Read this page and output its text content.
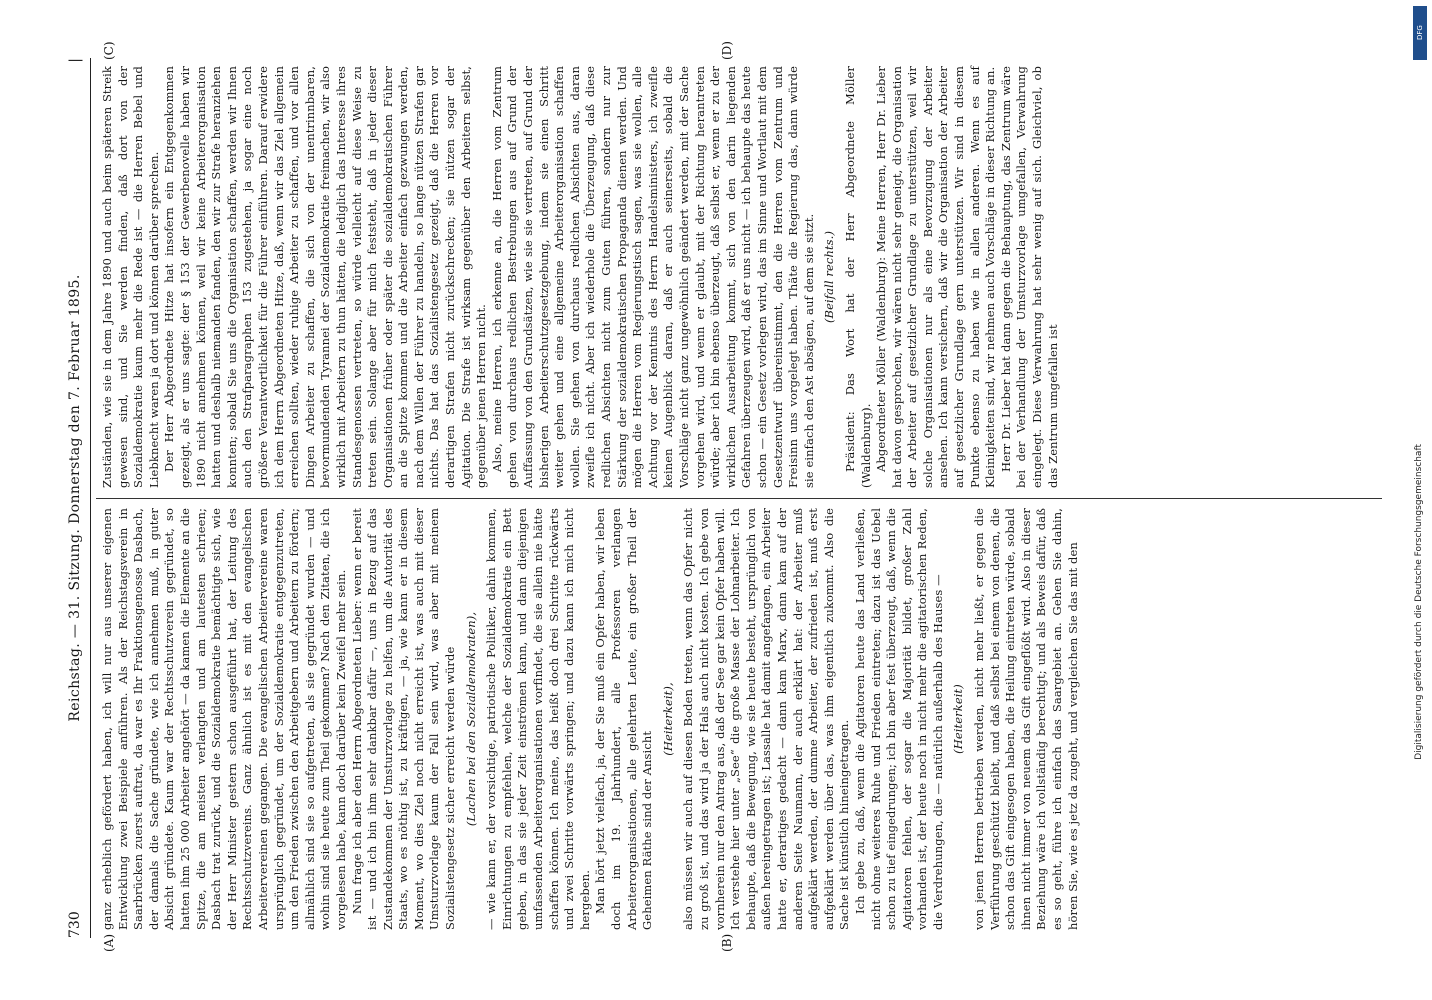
730
Reichstag. — 31. Sitzung. Donnerstag den 7. Februar 1895.
|
(A)	(B)
(C)	(D)

ganz erheblich gefördert haben, ich will nur aus unserer eigenen Entwicklung zwei Beispiele anführen. Als der Reichstagsverein in Saarbrücken zuerst auftrat, da war es Ihr Fraktionsgenosse Dasbach, der damals die Sache gründete, wie ich annehmen muß, in guter Absicht gründete. Kaum war der Rechtsschutzverein gegründet, so hatten ihm 25 000 Arbeiter angehört — da kamen die Elemente an die Spitze, die am meisten verlangten und am lautesten schrieen; Dasbach trat zurück, und die Sozialdemokratie bemächtigte sich, wie der Herr Minister gestern schon ausgeführt hat, der Leitung des Rechtsschutzvereins. Ganz ähnlich ist es mit den evangelischen Arbeitervereinen gegangen. Die evangelischen Arbeitervereine waren ursprünglich gegründet, um der Sozialdemokratie entgegenzutreten, um den Frieden zwischen den Arbeitgebern und Arbeitern zu fördern; allmählich sind sie so aufgetreten, als sie gegründet wurden — und wohin sind sie heute zum Theil gekommen? Nach den Zitaten, die ich vorgelesen habe, kann doch darüber kein Zweifel mehr sein. Nun frage ich aber den Herrn Abgeordneten Lieber: wenn er bereit ist — und ich bin ihm sehr dankbar dafür —, uns in Bezug auf das Zustandekommen der Umsturzvorlage zu helfen, um die Autorität des Staats, wo es nöthig ist, zu kräftigen, — ja, wie kann er in diesem Moment, wo dies Ziel noch nicht erreicht ist, was auch mit dieser Umsturzvorlage kaum der Fall sein wird, was aber mit meinem Sozialistengesetz sicher erreicht werden würde (Lachen bei den Sozialdemokraten), — wie kann er, der vorsichtige, patriotische Politiker, dahin kommen, Einrichtungen zu empfehlen, welche der Sozialdemokratie ein Bett geben, in das sie jeder Zeit einströmen kann, und dann diejenigen umfassenden Arbeiterorganisationen vorfindet, die sie allein nie hätte schaffen können. Ich meine, das heißt doch drei Schritte rückwärts und zwei Schritte vorwärts springen; und dazu kann ich mich nicht hergeben. Man hört jetzt vielfach, ja, der Sie muß ein Opfer haben, wir leben doch im 19. Jahrhundert, alle Professoren verlangen Arbeiterorganisationen, alle gelehrten Leute, ein großer Theil der Geheimen Räthe sind der Ansicht

(Heiterkeit), also müssen wir auch auf diesen Boden treten, wenn das Opfer nicht zu groß ist, und das wird ja der Hals auch nicht kosten. Ich gebe von vornherein nur den Antrag aus, daß der See gar kein Opfer haben will. Ich verstehe hier unter „See“ die große Masse der Lohnarbeiter. Ich behaupte, daß die Bewegung, wie sie heute besteht, ursprünglich von außen hereingetragen ist; Lassalle hat damit angefangen, ein Arbeiter hatte er, derartiges gedacht — dann kam Marx, dann kam auf der anderen Seite Naumann, der auch erklärt hat: der Arbeiter muß aufgeklärt werden, der dumme Arbeiter, der zufrieden ist, muß erst aufgeklärt werden über das, was ihm eigentlich zukommt. Also die Sache ist künstlich hineingetragen. Ich gebe zu, daß, wenn die Agitatoren heute das Land verließen, nicht ohne weiteres Ruhe und Frieden eintreten; dazu ist das Uebel schon zu tief eingedrungen; ich bin aber fest überzeugt, daß, wenn die Agitatoren fehlen, der sogar die Majorität bildet, großer Zahl vorhanden ist, der heute noch in nicht mehr die agitatorischen Reden, die Verdrehungen, die — natürlich außerhalb des Hauses — (Heiterkeit) von jenen Herren betrieben werden, nicht mehr ließt, er gegen die Verführung geschützt bleibt, und daß selbst bei einem von denen, die schon das Gift eingesogen haben, die Heilung eintreten würde, sobald ihnen nicht immer von neuem das Gift eingeflößt wird. Also in dieser Beziehung wäre ich vollständig berechtigt; und als Beweis dafür, daß es so geht, führe ich einfach das Saargebiet an. Gehen Sie dahin, hören Sie, wie es jetz da zugeht, und vergleichen Sie das mit den

Zuständen, wie sie in dem Jahre 1890 und auch beim späteren Streik gewesen sind, und Sie werden finden, daß dort von der Sozialdemokratie kaum mehr die Rede ist — die Herren Bebel und Liebknecht waren ja dort und können darüber sprechen. Der Herr Abgeordnete Hitze hat insofern ein Entgegenkommen gezeigt, als er uns sagte: der § 153 der Gewerbenovelle haben wir 1890 nicht annehmen können, weil wir keine Arbeiterorganisation hatten und deshalb niemanden fanden, den wir zur Strafe heranziehen konnten; sobald Sie uns die Organisation schaffen, werden wir Ihnen auch den Strafparagraphen 153 zugestehen, ja sogar eine noch größere Verantwortlichkeit für die Führer einführen. Darauf erwidere ich dem Herrn Abgeordneten Hitze, daß, wenn wir das Ziel allgemein erreichen sollten, wieder ruhige Arbeiter zu schaffen, und vor allen Dingen Arbeiter zu schaffen, die sich von der unentrinnbaren, bevormundenden Tyrannei der Sozialdemokratie freimachen, wir also wirklich mit Arbeitern zu thun hätten, die lediglich das Interesse ihres Standesgenossen vertreten, so würde vielleicht auf diese Weise zu treten sein. Solange aber für mich feststeht, daß in jeder dieser Organisationen früher oder später die sozialdemokratischen Führer an die Spitze kommen und die Arbeiter einfach gezwungen werden, nach dem Willen der Führer zu handeln, so lange nützen Strafen gar nichts. Das hat das Sozialistengesetz gezeigt, daß die Herren vor derartigen Strafen nicht zurückschrecken; sie nützen sogar der Agitation. Die Strafe ist wirksam gegenüber den Arbeitern selbst, gegenüber jenen Herren nicht. Also, meine Herren, ich erkenne an, die Herren vom Zentrum gehen von durchaus redlichen Bestrebungen aus auf Grund der Auffassung von den Grundsätzen, wie sie sie vertreten, auf Grund der bisherigen Arbeiterschutzgesetzgebung, indem sie einen Schritt weiter gehen und eine allgemeine Arbeiterorganisation schaffen wollen. Sie gehen von durchaus redlichen Absichten aus, daran zweifle ich nicht. Aber ich wiederhole die Überzeugung, daß diese redlichen Absichten nicht zum Guten führen, sondern nur zur Stärkung der sozialdemokratischen Propaganda dienen werden. Und mögen die Herren vom Regierungstisch sagen, was sie wollen, alle Achtung vor der Kenntnis des Herrn Handelsministers, ich zweifle keinen Augenblick daran, daß er auch seinerseits, sobald die Vorschläge nicht ganz ungewöhnlich geändert werden, mit der Sache vorgehen wird, und wenn er glaubt, mit der Richtung herantreten würde; aber ich bin ebenso überzeugt, daß selbst er, wenn er zu der wirklichen Ausarbeitung kommt, sich von den darin liegenden Gefahren überzeugen wird, daß er uns nicht — ich behaupte das heute schon — ein Gesetz vorlegen wird, das im Sinne und Wortlaut mit dem Gesetzentwurf übereinstimmt, den die Herren vom Zentrum und Freisinn uns vorgelegt haben. Thäte die Regierung das, dann würde sie einfach den Ast absägen, auf dem sie sitzt. (Beifall rechts.) Präsident: Das Wort hat der Herr Abgeordnete Möller (Waldenburg). Abgeordneter Möller (Waldenburg): Meine Herren, Herr Dr. Lieber hat davon gesprochen, wir wären nicht sehr geneigt, die Organisation der Arbeiter auf gesetzlicher Grundlage zu unterstützen, weil wir solche Organisationen nur als eine Bevorzugung der Arbeiter ansehen. Ich kann versichern, daß wir die Organisation der Arbeiter auf gesetzlicher Grundlage gern unterstützen. Wir sind in diesem Punkte ebenso zu haben wie in allen anderen. Wenn es auf Kleinigkeiten sind, wir nehmen auch Vorschläge in dieser Richtung an. Herr Dr. Lieber hat dann gegen die Behauptung, das Zentrum wäre bei der Verhandlung der Umsturzvorlage umgefallen, Verwahrung eingelegt. Diese Verwahrung hat sehr wenig auf sich. Gleichviel, ob das Zentrum umgefallen ist

DFG
Digitalisierung gefördert durch die Deutsche Forschungsgemeinschaft
